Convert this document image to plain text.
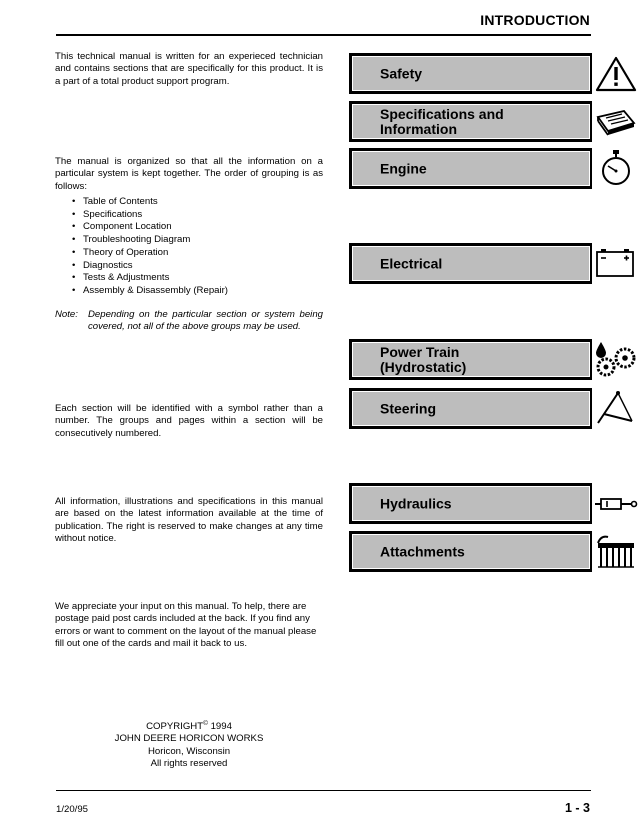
INTRODUCTION

This technical manual is written for an experieced technician and contains sections that are specifically for this product. It is a part of a total product support program.

The manual is organized so that all the information on a particular system is kept together. The order of grouping is as follows:

• Table of Contents
• Specifications
• Component Location
• Troubleshooting Diagram
• Theory of Operation
• Diagnostics
• Tests & Adjustments
• Assembly & Disassembly (Repair)
Note:	Depending on the particular section or system being covered, not all of the above groups may be used.

Each section will be identified with a symbol rather than a number. The groups and pages within a section will be consecutively numbered.

All information, illustrations and specifications in this manual are based on the latest information available at the time of publication. The right is reserved to make changes at any time without notice.

We appreciate your input on this manual. To help, there are postage paid post cards included at the back. If you find any errors or want to comment on the layout of the manual please fill out one of the cards and mail it back to us.

COPYRIGHT© 1994
JOHN DEERE HORICON WORKS
Horicon, Wisconsin
All rights reserved
Safety
Specifications and
Information
Engine
Electrical
Power Train
(Hydrostatic)
Steering
Hydraulics
Attachments
1/20/95	1 - 3
